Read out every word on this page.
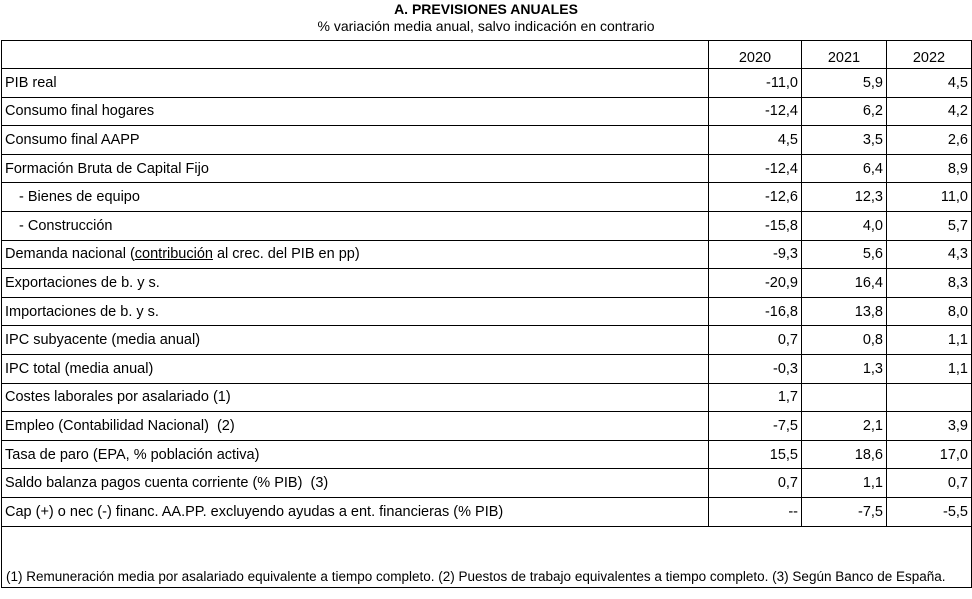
A. PREVISIONES ANUALES
% variación media anual, salvo indicación en contrario
	2020	2021	2022
PIB real	-11,0	5,9	4,5
Consumo final hogares	-12,4	6,2	4,2
Consumo final AAPP	4,5	3,5	2,6
Formación Bruta de Capital Fijo	-12,4	6,4	8,9
- Bienes de equipo	-12,6	12,3	11,0
- Construcción	-15,8	4,0	5,7
Demanda nacional (contribución al crec. del PIB en pp)	-9,3	5,6	4,3
Exportaciones de b. y s.	-20,9	16,4	8,3
Importaciones de b. y s.	-16,8	13,8	8,0
IPC subyacente (media anual)	0,7	0,8	1,1
IPC total (media anual)	-0,3	1,3	1,1
Costes laborales por asalariado (1)	1,7		
Empleo (Contabilidad Nacional)  (2)	-7,5	2,1	3,9
Tasa de paro (EPA, % población activa)	15,5	18,6	17,0
Saldo balanza pagos cuenta corriente (% PIB)  (3)	0,7	1,1	0,7
Cap (+) o nec (-) financ. AA.PP. excluyendo ayudas a ent. financieras (% PIB)	--	-7,5	-5,5
(1) Remuneración media por asalariado equivalente a tiempo completo. (2) Puestos de trabajo equivalentes a tiempo completo. (3) Según Banco de España.			
